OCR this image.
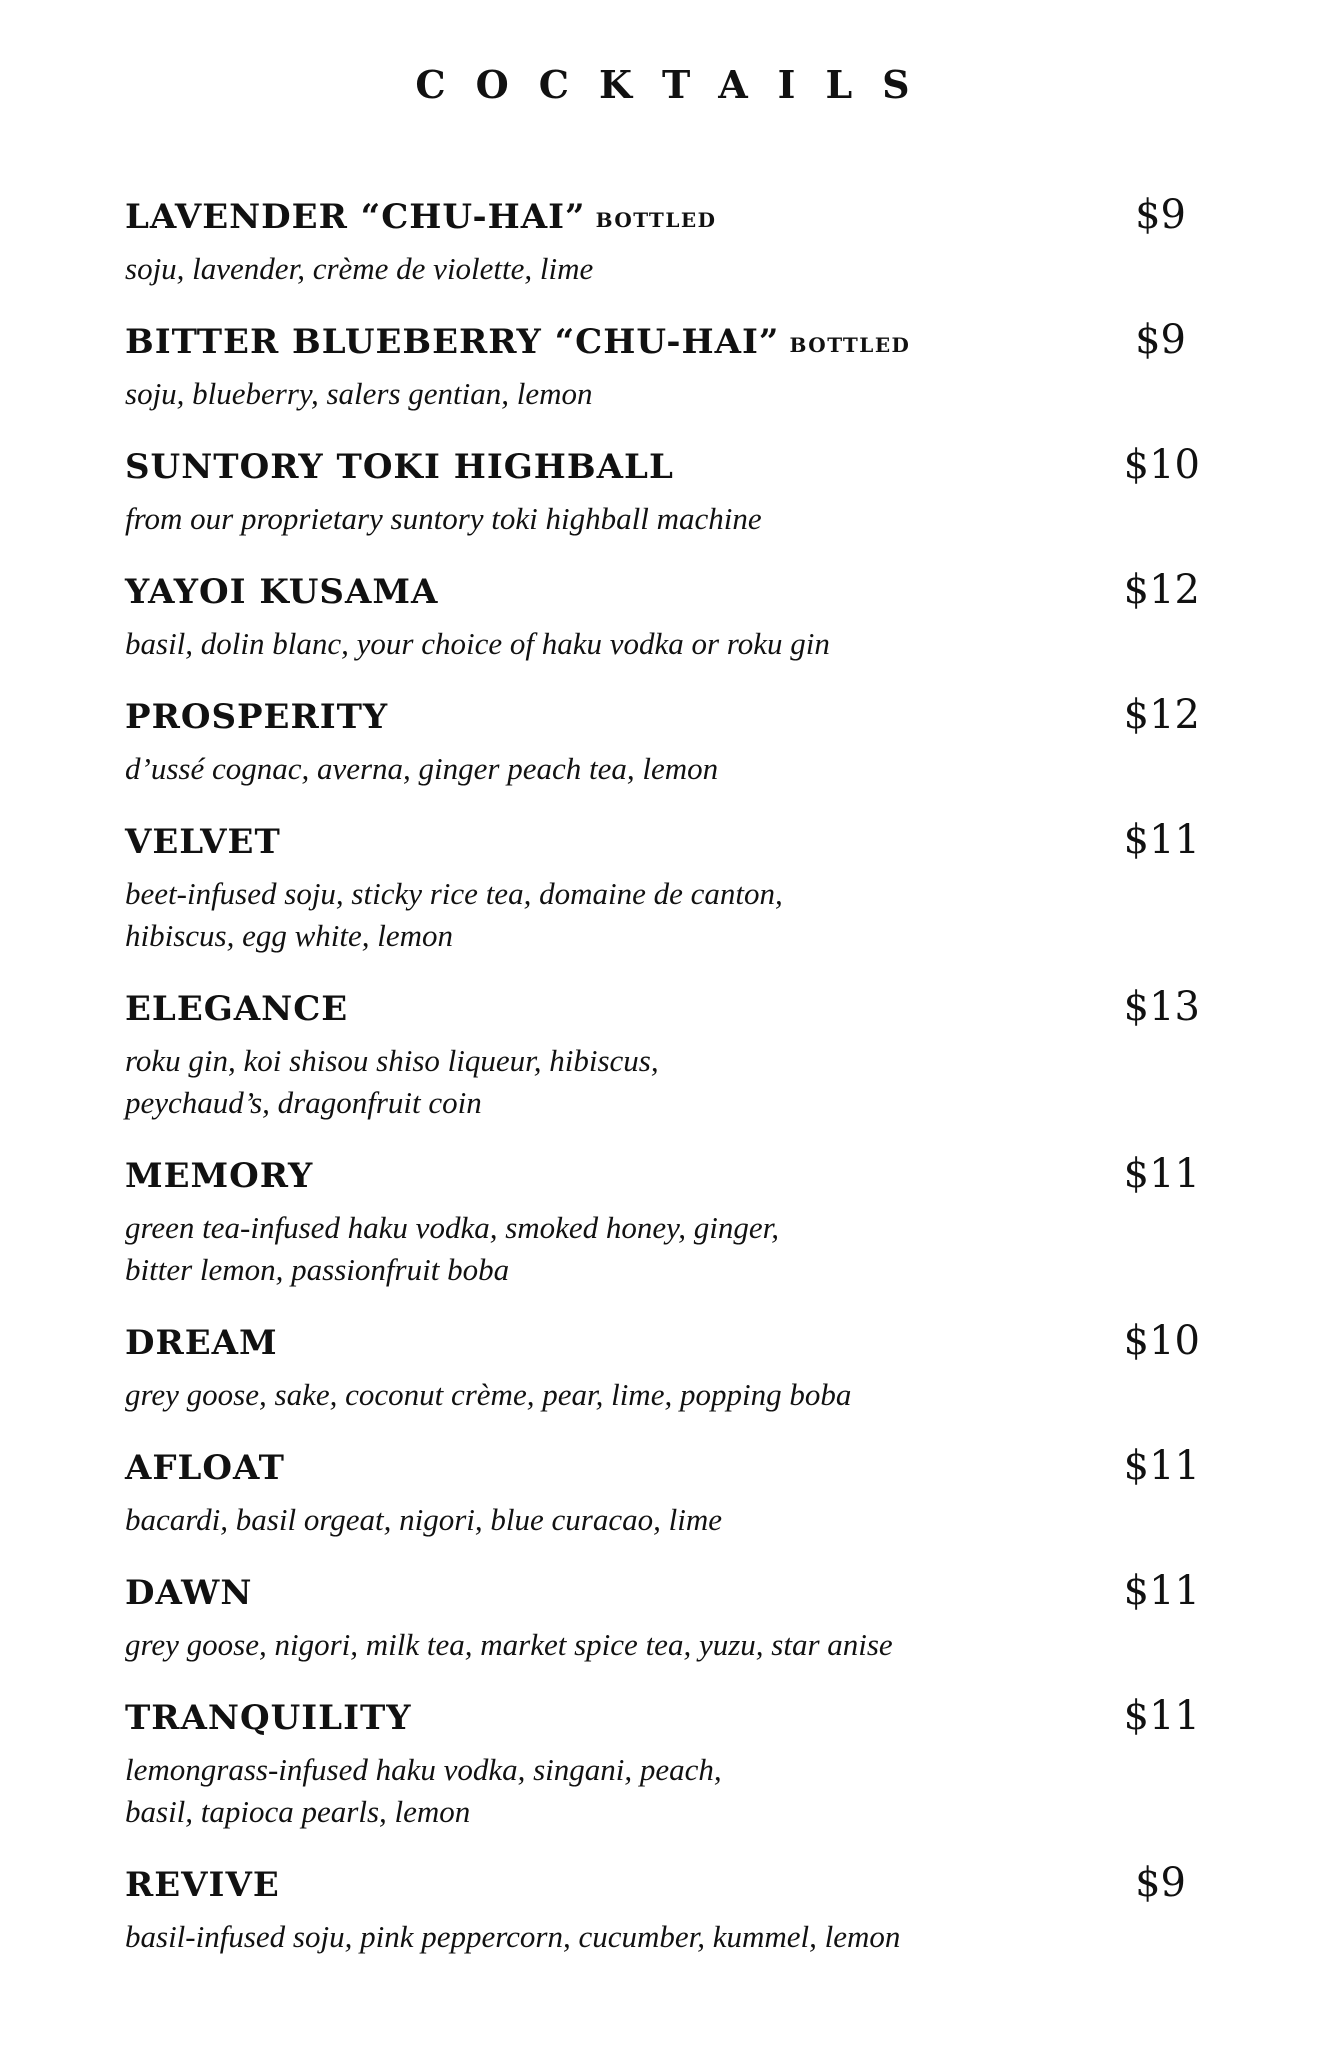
COCKTAILS
LAVENDER “CHU-HAI” BOTTLED	$9
soju, lavender, crème de violette, lime
BITTER BLUEBERRY “CHU-HAI” BOTTLED	$9
soju, blueberry, salers gentian, lemon
SUNTORY TOKI HIGHBALL	$10
from our proprietary suntory toki highball machine
YAYOI KUSAMA	$12
basil, dolin blanc, your choice of haku vodka or roku gin
PROSPERITY	$12
d’ussé cognac, averna, ginger peach tea, lemon
VELVET	$11
beet-infused soju, sticky rice tea, domaine de canton,
hibiscus, egg white, lemon
ELEGANCE	$13
roku gin, koi shisou shiso liqueur, hibiscus,
peychaud’s, dragonfruit coin
MEMORY	$11
green tea-infused haku vodka, smoked honey, ginger,
bitter lemon, passionfruit boba
DREAM	$10
grey goose, sake, coconut crème, pear, lime, popping boba
AFLOAT	$11
bacardi, basil orgeat, nigori, blue curacao, lime
DAWN	$11
grey goose, nigori, milk tea, market spice tea, yuzu, star anise
TRANQUILITY	$11
lemongrass-infused haku vodka, singani, peach,
basil, tapioca pearls, lemon
REVIVE	$9
basil-infused soju, pink peppercorn, cucumber, kummel, lemon
